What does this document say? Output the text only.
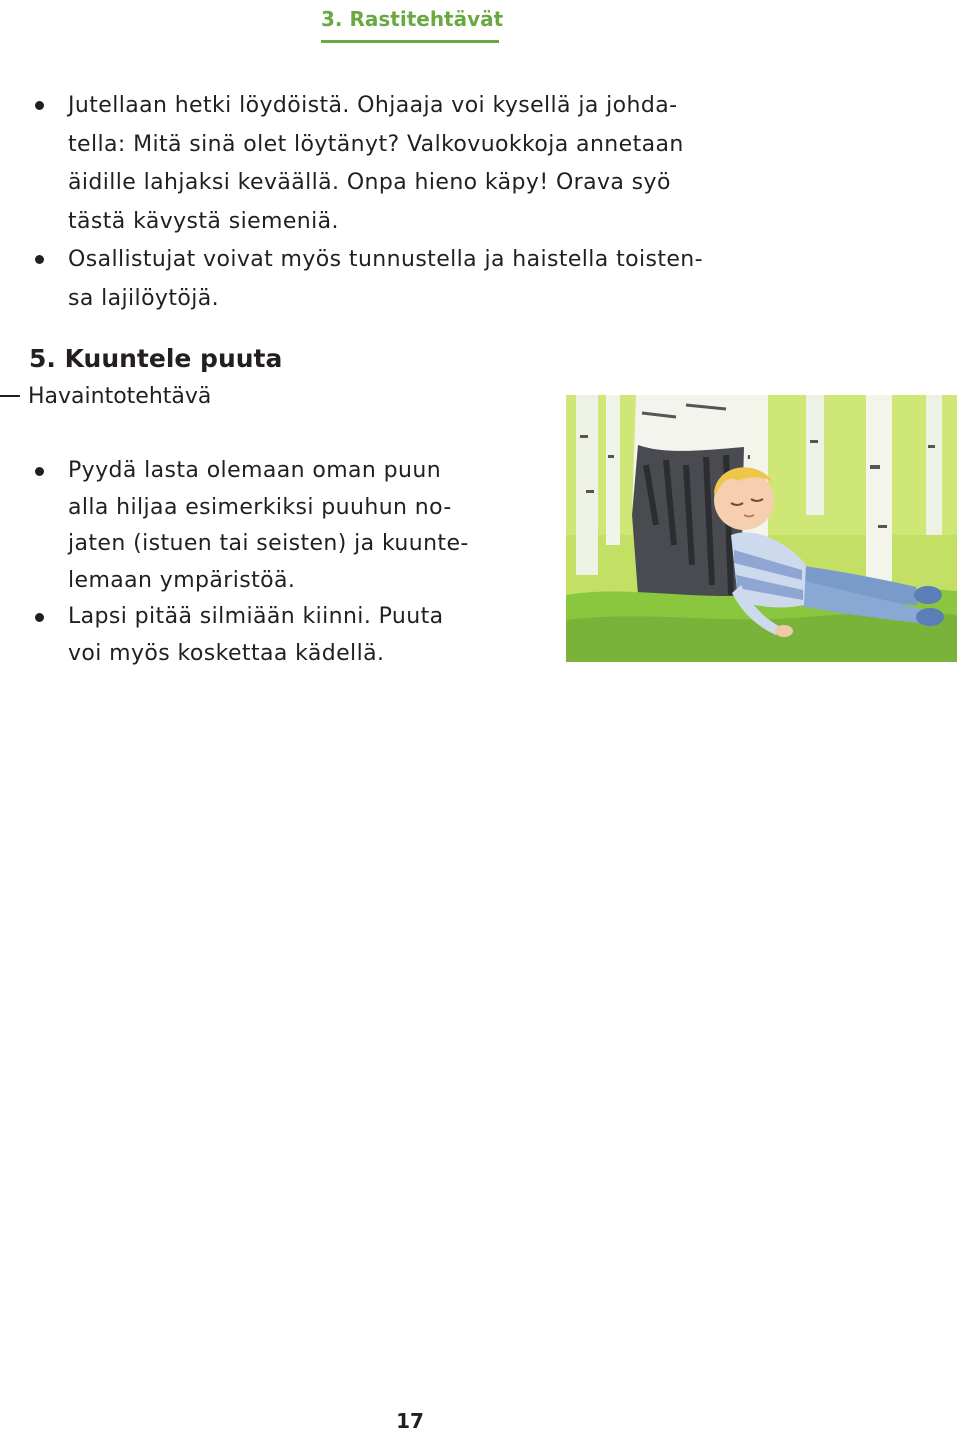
3. Rastitehtävät
Jutellaan hetki löydöistä. Ohjaaja voi kysellä ja johda-
tella: Mitä sinä olet löytänyt? Valkovuokkoja annetaan
äidille lahjaksi keväällä. Onpa hieno käpy! Orava syö
tästä kävystä siemeniä.
Osallistujat voivat myös tunnustella ja haistella toisten-
sa lajilöytöjä.
5. Kuuntele puuta
Havaintotehtävä
Pyydä lasta olemaan oman puun
alla hiljaa esimerkiksi puuhun no-
jaten (istuen tai seisten) ja kuunte-
lemaan ympäristöä.
Lapsi pitää silmiään kiinni. Puuta
voi myös koskettaa kädellä.
17
